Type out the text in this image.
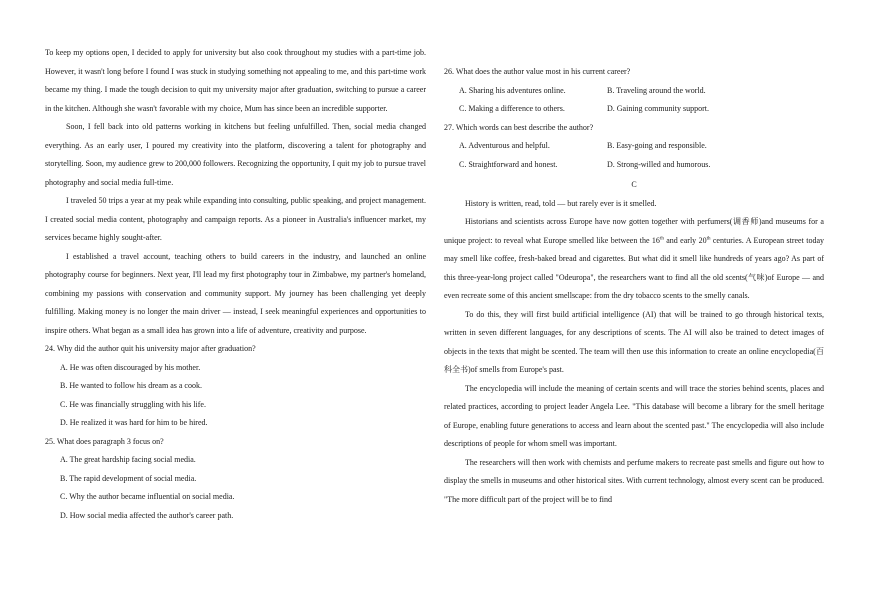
To keep my options open, I decided to apply for university but also cook throughout my studies with a part-time job. However, it wasn't long before I found I was stuck in studying something not appealing to me, and this part-time work became my thing. I made the tough decision to quit my university major after graduation, switching to pursue a career in the kitchen. Although she wasn't favorable with my choice, Mum has since been an incredible supporter.

Soon, I fell back into old patterns working in kitchens but feeling unfulfilled. Then, social media changed everything. As an early user, I poured my creativity into the platform, discovering a talent for photography and storytelling. Soon, my audience grew to 200,000 followers. Recognizing the opportunity, I quit my job to pursue travel photography and social media full-time.

I traveled 50 trips a year at my peak while expanding into consulting, public speaking, and project management. I created social media content, photography and campaign reports. As a pioneer in Australia's influencer market, my services became highly sought-after.

I established a travel account, teaching others to build careers in the industry, and launched an online photography course for beginners. Next year, I'll lead my first photography tour in Zimbabwe, my partner's homeland, combining my passions with conservation and community support. My journey has been challenging yet deeply fulfilling. Making money is no longer the main driver — instead, I seek meaningful experiences and opportunities to inspire others. What began as a small idea has grown into a life of adventure, creativity and purpose.

24. Why did the author quit his university major after graduation?

A. He was often discouraged by his mother.

B. He wanted to follow his dream as a cook.

C. He was financially struggling with his life.

D. He realized it was hard for him to be hired.

25. What does paragraph 3 focus on?

A. The great hardship facing social media.

B. The rapid development of social media.

C. Why the author became influential on social media.

D. How social media affected the author's career path.

26. What does the author value most in his current career?

A. Sharing his adventures online.	B. Traveling around the world.
C. Making a difference to others.	D. Gaining community support.

27. Which words can best describe the author?

A. Adventurous and helpful.	B. Easy-going and responsible.
C. Straightforward and honest.	D. Strong-willed and humorous.

C

History is written, read, told — but rarely ever is it smelled.

Historians and scientists across Europe have now gotten together with perfumers(调香师)and museums for a unique project: to reveal what Europe smelled like between the 16th and early 20th centuries. A European street today may smell like coffee, fresh-baked bread and cigarettes. But what did it smell like hundreds of years ago? As part of this three-year-long project called "Odeuropa", the researchers want to find all the old scents(气味)of Europe — and even recreate some of this ancient smellscape: from the dry tobacco scents to the smelly canals.

To do this, they will first build artificial intelligence (AI) that will be trained to go through historical texts, written in seven different languages, for any descriptions of scents. The AI will also be trained to detect images of objects in the texts that might be scented. The team will then use this information to create an online encyclopedia(百科全书)of smells from Europe's past.

The encyclopedia will include the meaning of certain scents and will trace the stories behind scents, places and related practices, according to project leader Angela Lee. "This database will become a library for the smell heritage of Europe, enabling future generations to access and learn about the scented past." The encyclopedia will also include descriptions of people for whom smell was important.

The researchers will then work with chemists and perfume makers to recreate past smells and figure out how to display the smells in museums and other historical sites. With current technology, almost every scent can be produced. "The more difficult part of the project will be to find
